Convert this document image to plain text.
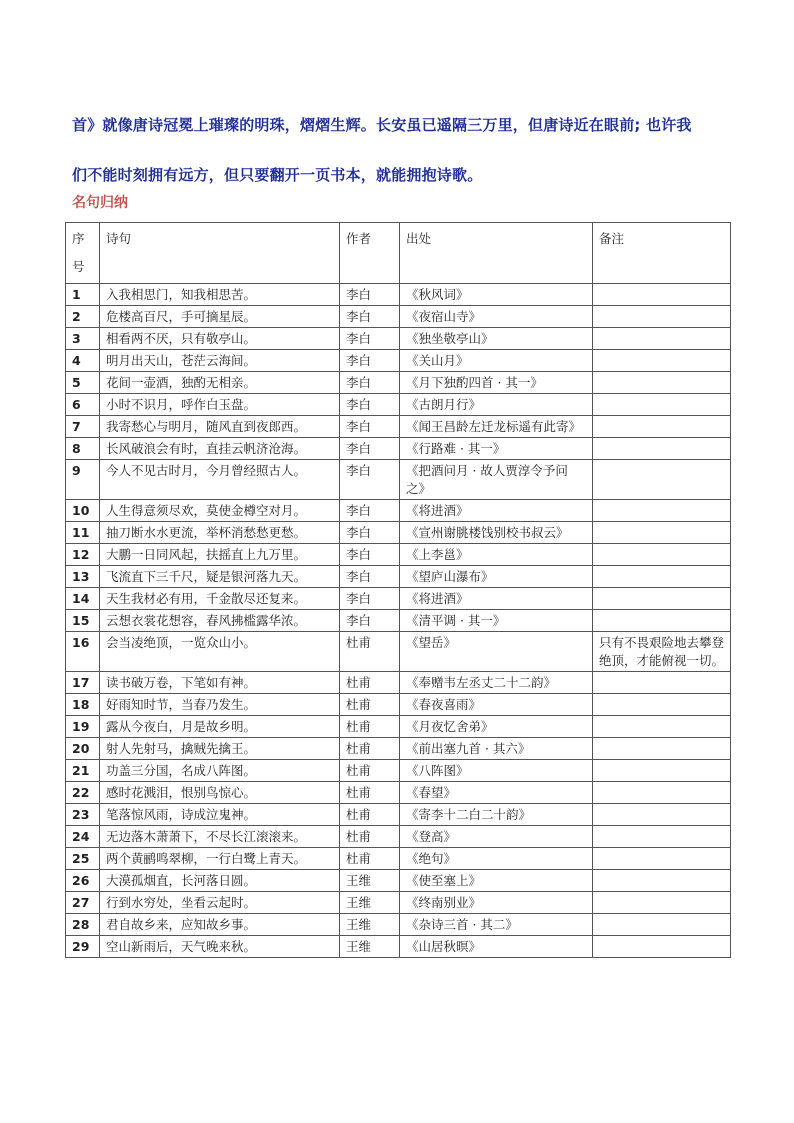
首》就像唐诗冠冕上璀璨的明珠，熠熠生辉。长安虽已遥隔三万里，但唐诗近在眼前; 也许我

们不能时刻拥有远方，但只要翻开一页书本，就能拥抱诗歌。

名句归纳
序号	诗句	作者	出处	备注
1	入我相思门，知我相思苦。	李白	《秋风词》	
2	危楼高百尺，手可摘星辰。	李白	《夜宿山寺》	
3	相看两不厌，只有敬亭山。	李白	《独坐敬亭山》	
4	明月出天山，苍茫云海间。	李白	《关山月》	
5	花间一壶酒，独酌无相亲。	李白	《月下独酌四首 · 其一》	
6	小时不识月，呼作白玉盘。	李白	《古朗月行》	
7	我寄愁心与明月，随风直到夜郎西。	李白	《闻王昌龄左迁龙标遥有此寄》	
8	长风破浪会有时，直挂云帆济沧海。	李白	《行路难 · 其一》	
9	今人不见古时月，今月曾经照古人。	李白	《把酒问月 · 故人贾淳令予问之》	
10	人生得意须尽欢，莫使金樽空对月。	李白	《将进酒》	
11	抽刀断水水更流，举杯消愁愁更愁。	李白	《宣州谢朓楼饯别校书叔云》	
12	大鹏一日同风起，扶摇直上九万里。	李白	《上李邕》	
13	飞流直下三千尺，疑是银河落九天。	李白	《望庐山瀑布》	
14	天生我材必有用，千金散尽还复来。	李白	《将进酒》	
15	云想衣裳花想容，春风拂槛露华浓。	李白	《清平调 · 其一》	
16	会当凌绝顶，一览众山小。	杜甫	《望岳》	只有不畏艰险地去攀登绝顶，才能俯视一切。
17	读书破万卷，下笔如有神。	杜甫	《奉赠韦左丞丈二十二韵》	
18	好雨知时节，当春乃发生。	杜甫	《春夜喜雨》	
19	露从今夜白，月是故乡明。	杜甫	《月夜忆舍弟》	
20	射人先射马，擒贼先擒王。	杜甫	《前出塞九首 · 其六》	
21	功盖三分国，名成八阵图。	杜甫	《八阵图》	
22	感时花溅泪，恨别鸟惊心。	杜甫	《春望》	
23	笔落惊风雨，诗成泣鬼神。	杜甫	《寄李十二白二十韵》	
24	无边落木萧萧下，不尽长江滚滚来。	杜甫	《登高》	
25	两个黄鹂鸣翠柳，一行白鹭上青天。	杜甫	《绝句》	
26	大漠孤烟直，长河落日圆。	王维	《使至塞上》	
27	行到水穷处，坐看云起时。	王维	《终南别业》	
28	君自故乡来，应知故乡事。	王维	《杂诗三首 · 其二》	
29	空山新雨后，天气晚来秋。	王维	《山居秋暝》	
